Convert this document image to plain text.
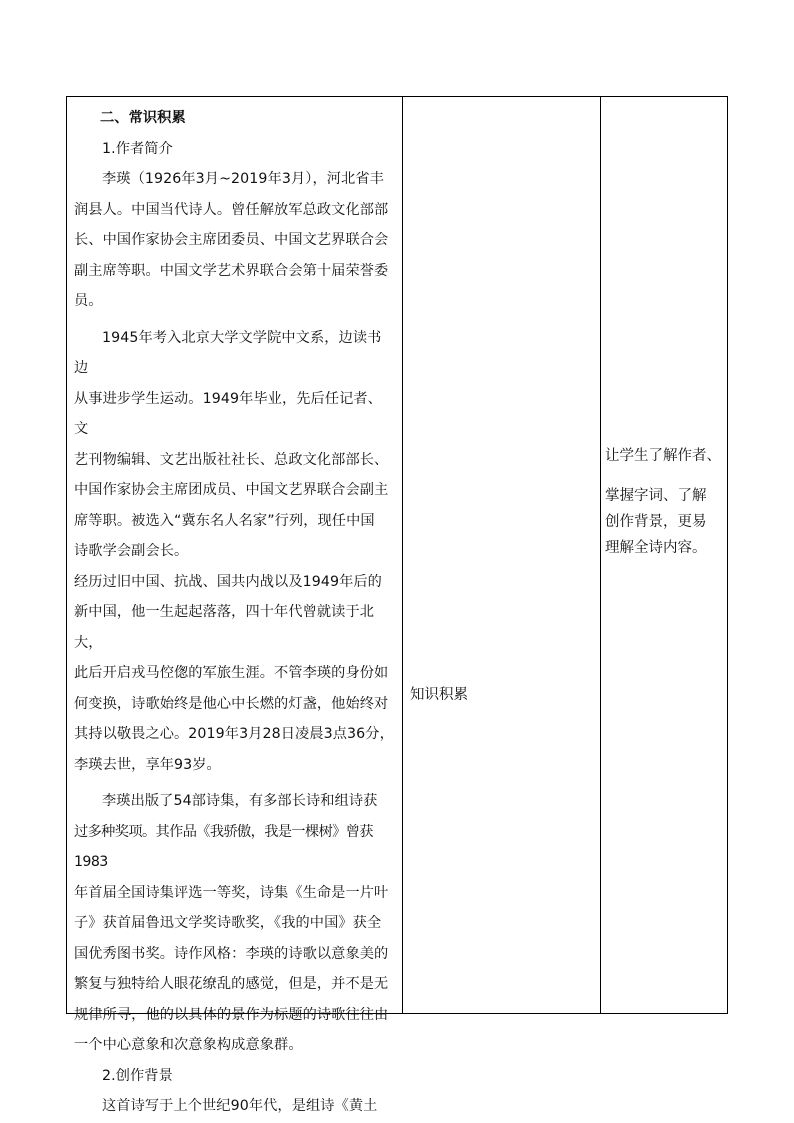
二、常识积累

1.作者简介

李瑛（1926年3月~2019年3月），河北省丰

润县人。中国当代诗人。曾任解放军总政文化部部

长、中国作家协会主席团委员、中国文艺界联合会

副主席等职。中国文学艺术界联合会第十届荣誉委

员。

1945年考入北京大学文学院中文系，边读书边

从事进步学生运动。1949年毕业，先后任记者、文

艺刊物编辑、文艺出版社社长、总政文化部部长、

中国作家协会主席团成员、中国文艺界联合会副主

席等职。被选入“冀东名人名家”行列，现任中国

诗歌学会副会长。

经历过旧中国、抗战、国共内战以及1949年后的

新中国，他一生起起落落，四十年代曾就读于北大，

此后开启戎马倥偬的军旅生涯。不管李瑛的身份如

何变换，诗歌始终是他心中长燃的灯盏，他始终对

其持以敬畏之心。2019年3月28日凌晨3点36分，

李瑛去世，享年93岁。

李瑛出版了54部诗集，有多部长诗和组诗获

过多种奖项。其作品《我骄傲，我是一棵树》曾获1983

年首届全国诗集评选一等奖，诗集《生命是一片叶

子》获首届鲁迅文学奖诗歌奖，《我的中国》获全

国优秀图书奖。诗作风格：李瑛的诗歌以意象美的

繁复与独特给人眼花缭乱的感觉，但是，并不是无

规律所寻，他的以具体的景作为标题的诗歌往往由

一个中心意象和次意象构成意象群。

2.创作背景

这首诗写于上个世纪90年代，是组诗《黄土

知识积累
让学生了解作者、
掌握字词、了解
创作背景，更易
理解全诗内容。
